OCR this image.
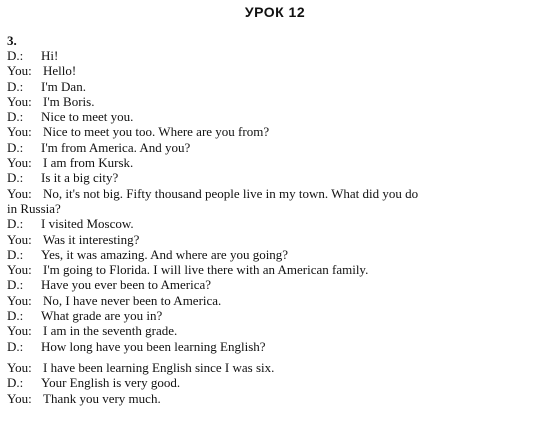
УРОК 12
3.
D.: Hi!
You: Hello!
D.: I'm Dan.
You: I'm Boris.
D.: Nice to meet you.
You: Nice to meet you too. Where are you from?
D.: I'm from America. And you?
You: I am from Kursk.
D.: Is it a big city?
You: No, it's not big. Fifty thousand people live in my town. What did you do in Russia?
D.: I visited Moscow.
You: Was it interesting?
D.: Yes, it was amazing. And where are you going?
You: I'm going to Florida. I will live there with an American family.
D.: Have you ever been to America?
You: No, I have never been to America.
D.: What grade are you in?
You: I am in the seventh grade.
D.: How long have you been learning English?
You: I have been learning English since I was six.
D.: Your English is very good.
You: Thank you very much.
